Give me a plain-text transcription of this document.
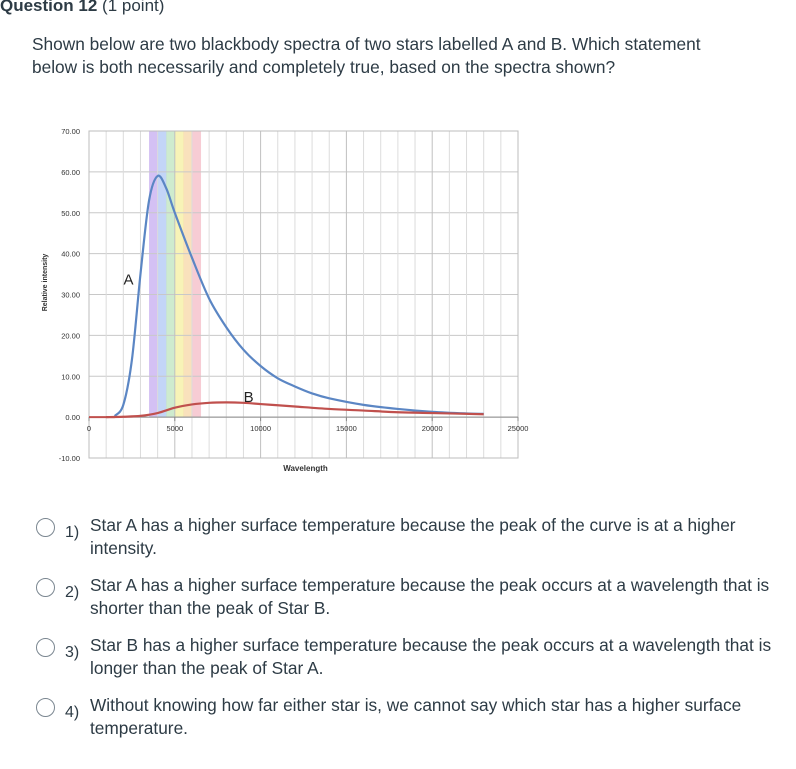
Question 12 (1 point)
Shown below are two blackbody spectra of two stars labelled A and B. Which statement below is both necessarily and completely true, based on the spectra shown?
70.00
60.00
50.00
40.00
30.00
20.00
10.00
0.00
-10.00
0	5000	10000	15000	20000	25000
Wavelength
Relative intensity	A
B
1) Star A has a higher surface temperature because the peak of the curve is at a higher intensity.
2) Star A has a higher surface temperature because the peak occurs at a wavelength that is shorter than the peak of Star B.
3) Star B has a higher surface temperature because the peak occurs at a wavelength that is longer than the peak of Star A.
4) Without knowing how far either star is, we cannot say which star has a higher surface temperature.
